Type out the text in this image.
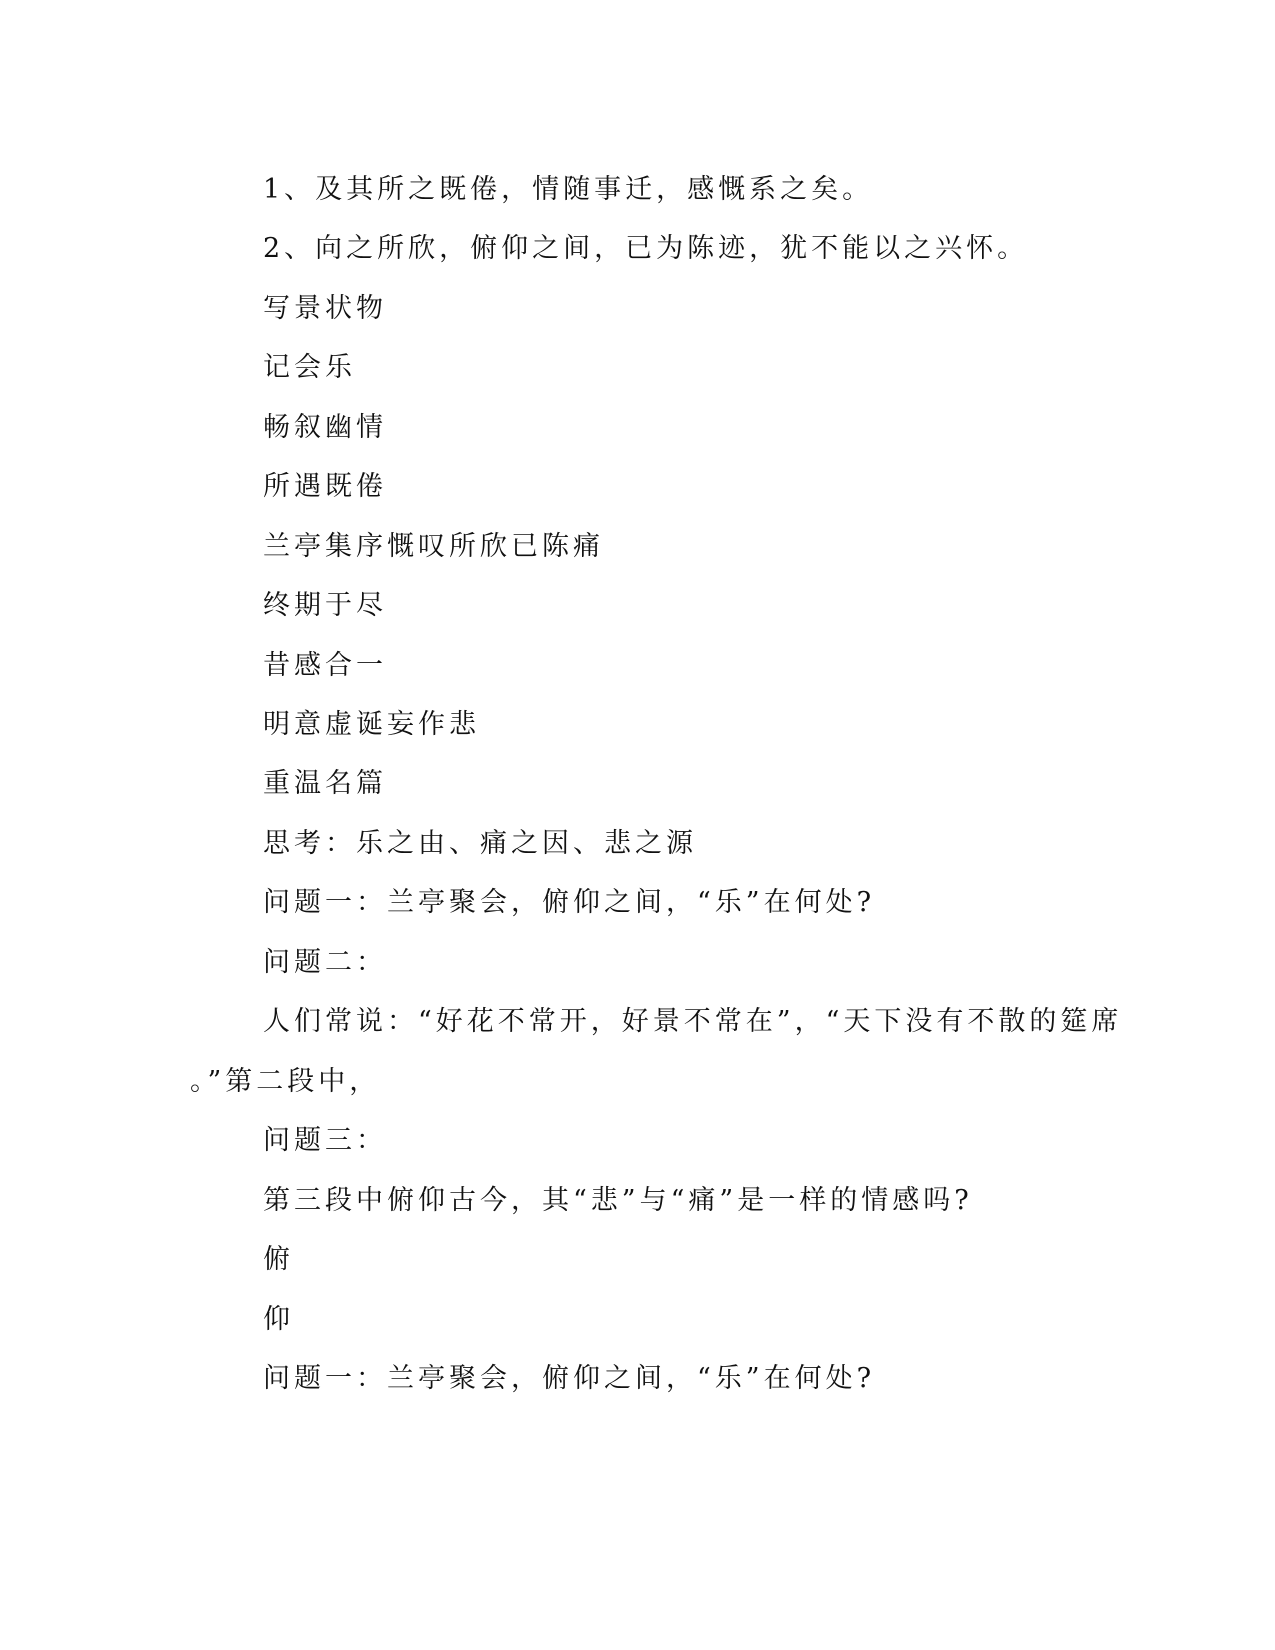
1、及其所之既倦，情随事迁，感慨系之矣。
2、向之所欣，俯仰之间，已为陈迹，犹不能以之兴怀。
写景状物
记会乐
畅叙幽情
所遇既倦
兰亭集序慨叹所欣已陈痛
终期于尽
昔感合一
明意虚诞妄作悲
重温名篇
思考：乐之由、痛之因、悲之源
问题一：兰亭聚会，俯仰之间，“乐”在何处?
问题二：
人们常说：“好花不常开，好景不常在”，“天下没有不散的筵席
。”第二段中，
问题三：
第三段中俯仰古今，其“悲”与“痛”是一样的情感吗?
俯
仰
问题一：兰亭聚会，俯仰之间，“乐”在何处?
